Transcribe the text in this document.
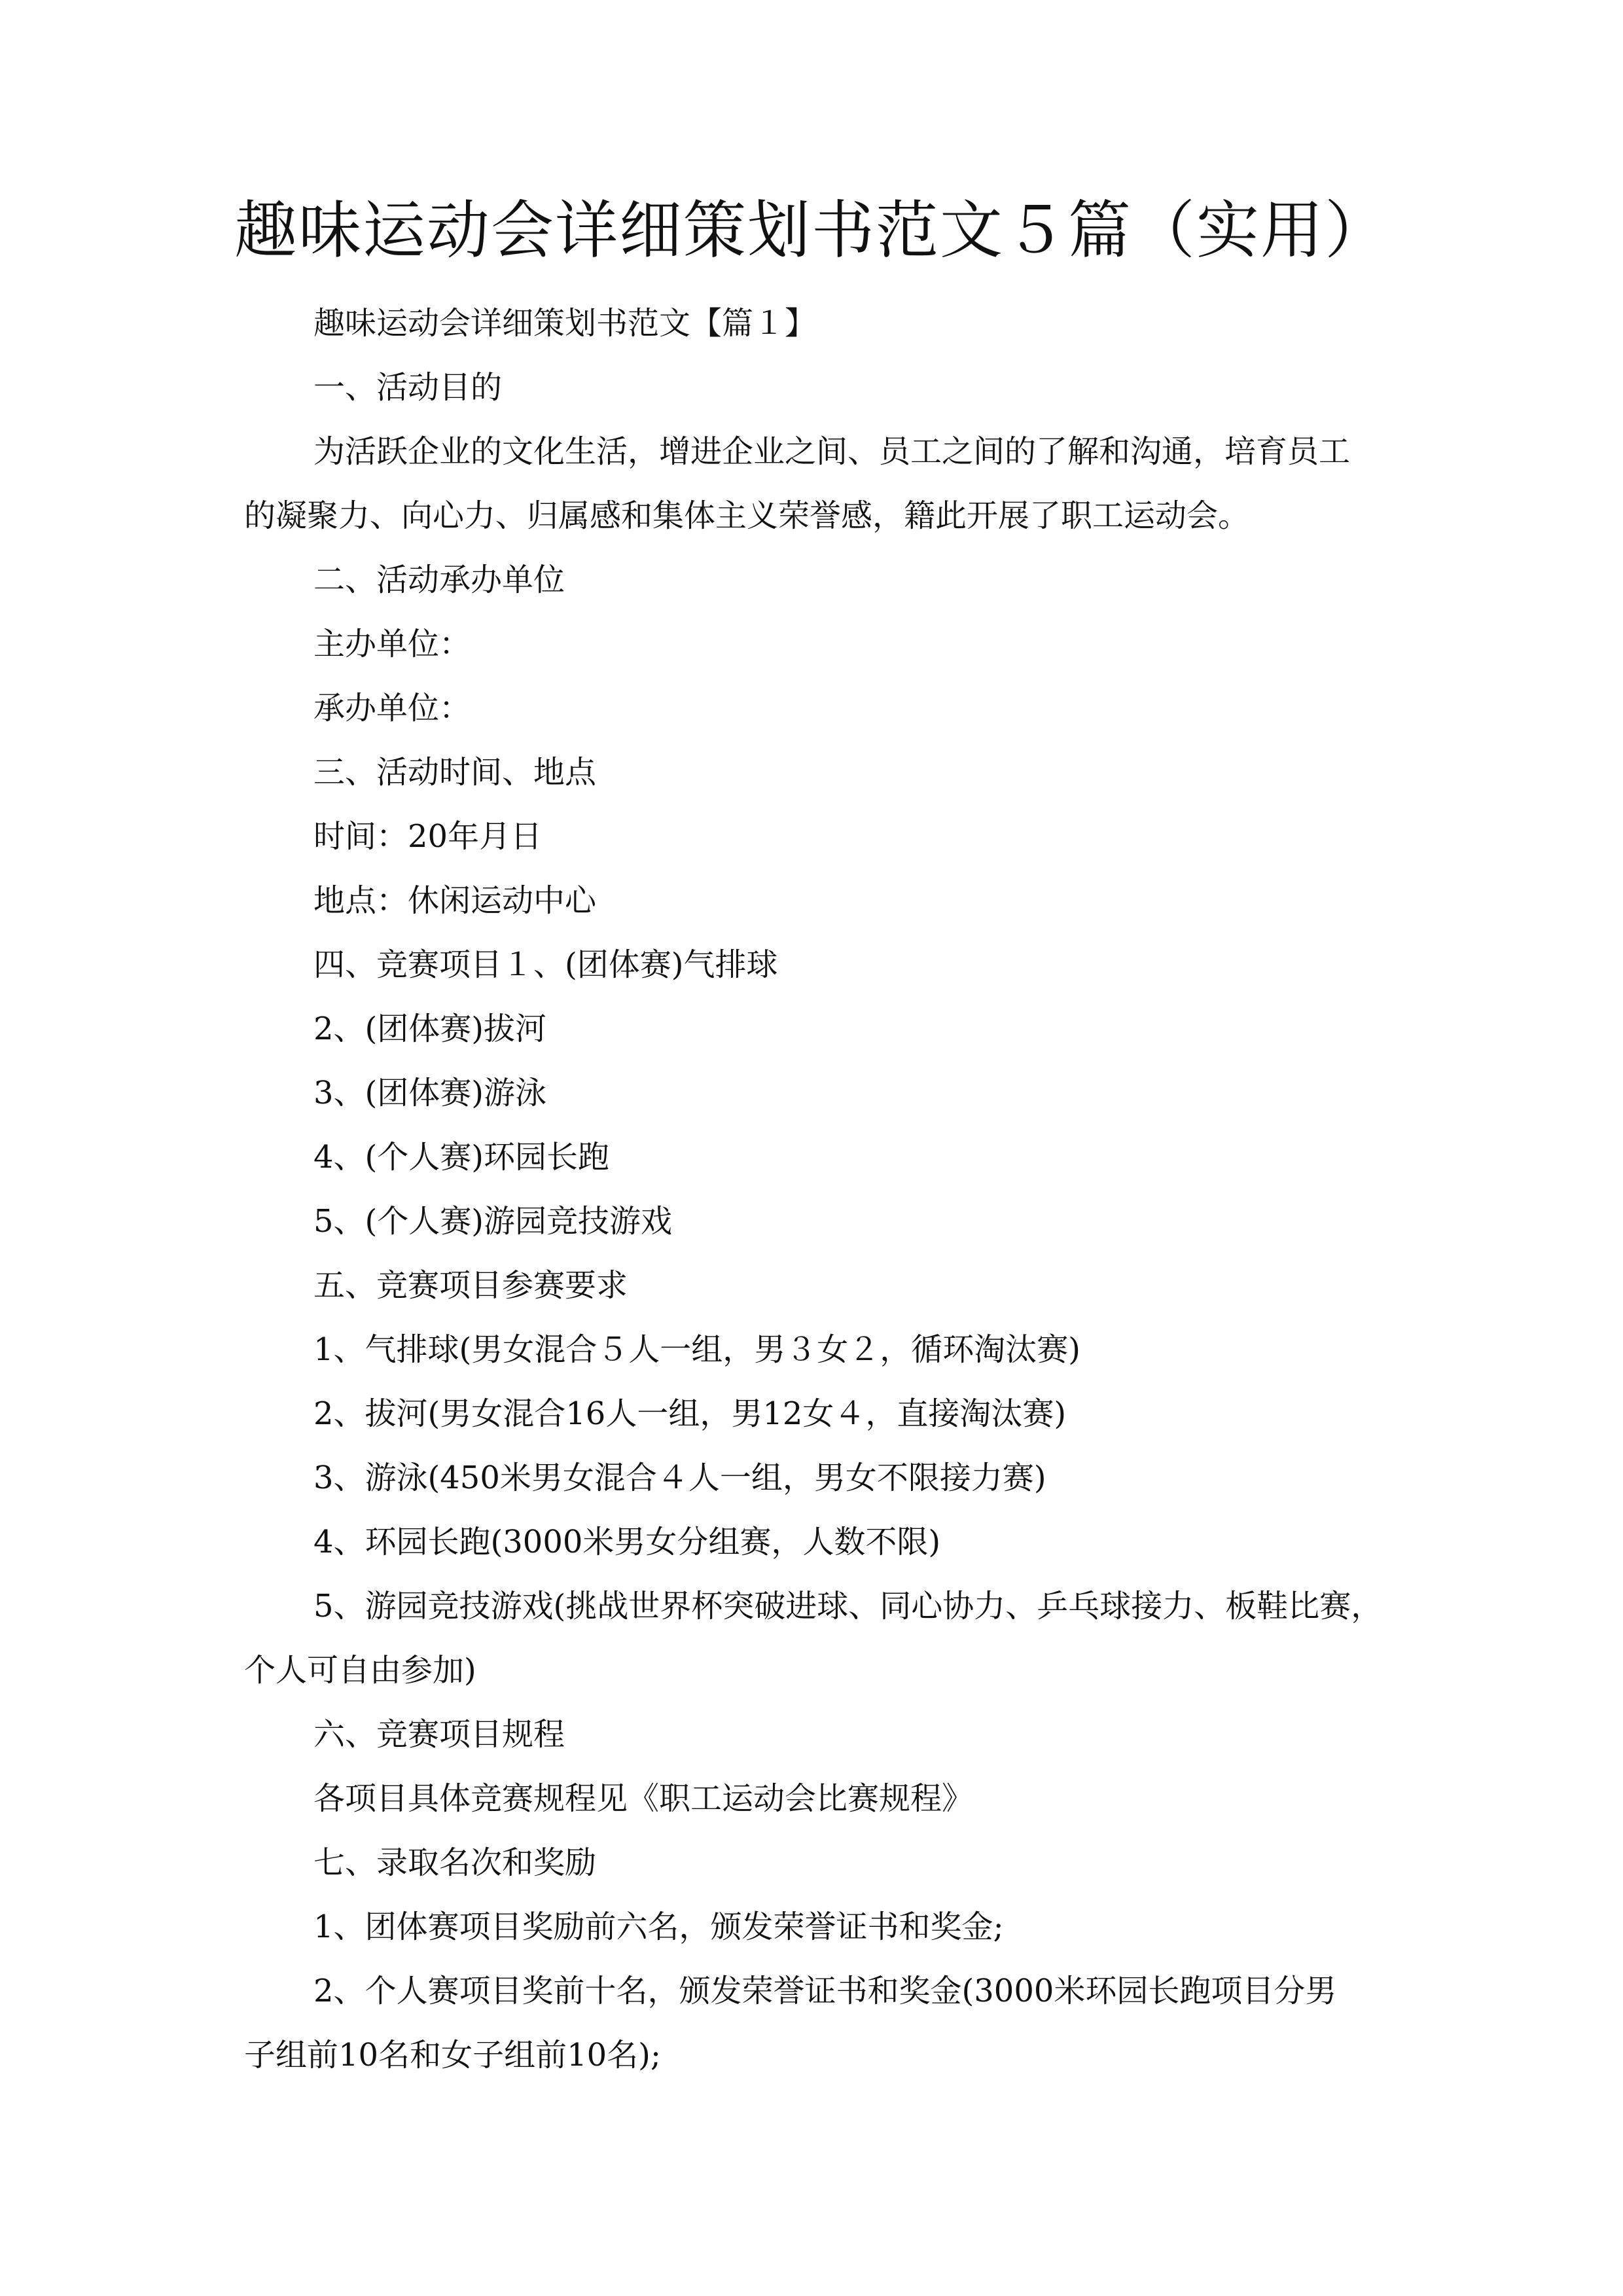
趣味运动会详细策划书范文５篇（实用）

趣味运动会详细策划书范文【篇１】

一、活动目的

为活跃企业的文化生活，增进企业之间、员工之间的了解和沟通，培育员工

的凝聚力、向心力、归属感和集体主义荣誉感，籍此开展了职工运动会。

二、活动承办单位

主办单位：

承办单位：

三、活动时间、地点

时间：20年月日

地点：休闲运动中心

四、竞赛项目１、(团体赛)气排球

2、(团体赛)拔河

3、(团体赛)游泳

4、(个人赛)环园长跑

5、(个人赛)游园竞技游戏

五、竞赛项目参赛要求

1、气排球(男女混合５人一组，男３女２，循环淘汰赛)

2、拔河(男女混合16人一组，男12女４，直接淘汰赛)

3、游泳(450米男女混合４人一组，男女不限接力赛)

4、环园长跑(3000米男女分组赛，人数不限)

5、游园竞技游戏(挑战世界杯突破进球、同心协力、乒乓球接力、板鞋比赛，

个人可自由参加)

六、竞赛项目规程

各项目具体竞赛规程见《职工运动会比赛规程》

七、录取名次和奖励

1、团体赛项目奖励前六名，颁发荣誉证书和奖金;

2、个人赛项目奖前十名，颁发荣誉证书和奖金(3000米环园长跑项目分男

子组前10名和女子组前10名);
